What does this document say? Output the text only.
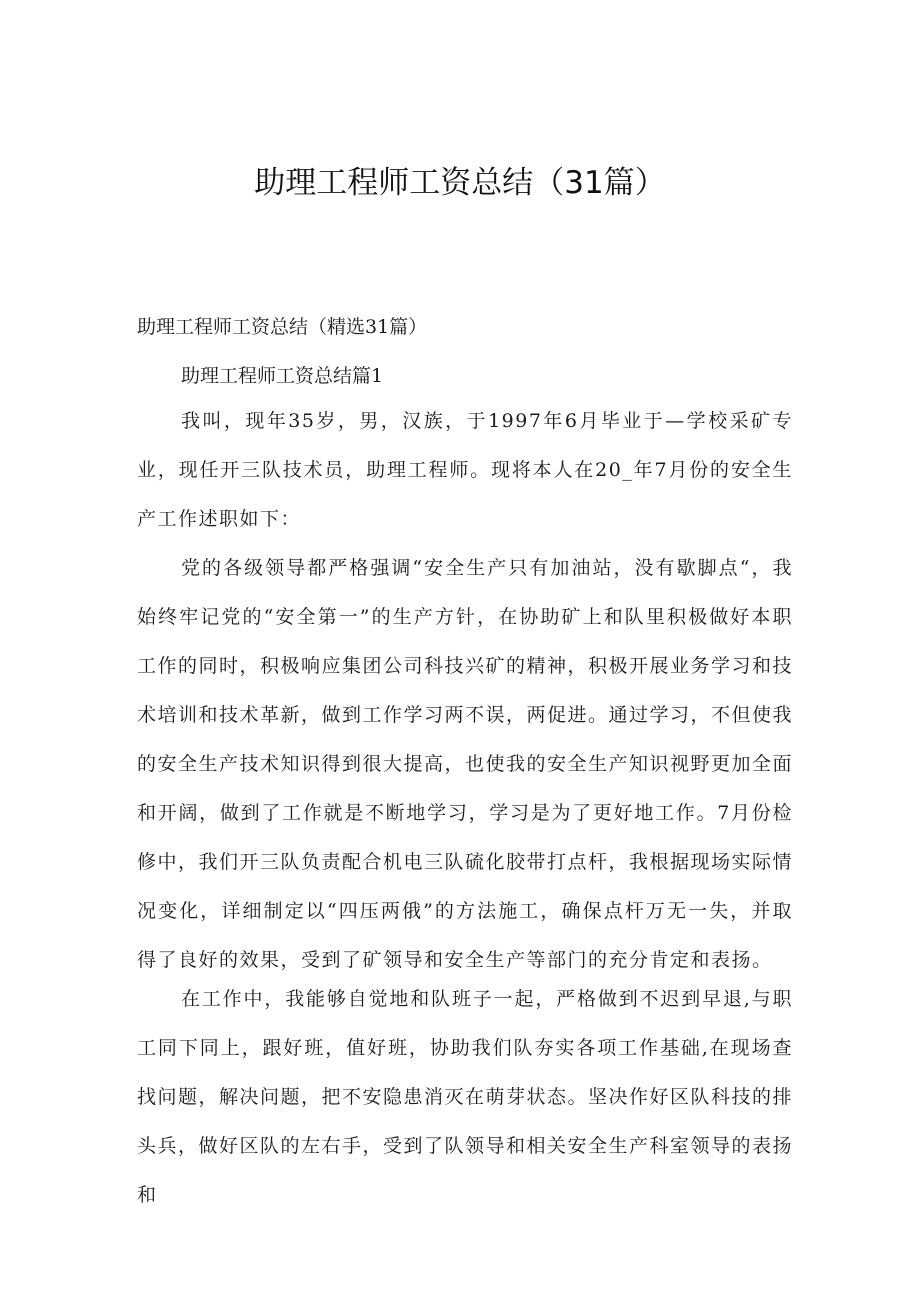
助理工程师工资总结（31篇）

助理工程师工资总结（精选31篇）

助理工程师工资总结篇1

我叫，现年35岁，男，汉族，于1997年6月毕业于—学校采矿专业，现任开三队技术员，助理工程师。现将本人在20_年7月份的安全生产工作述职如下：

党的各级领导都严格强调“安全生产只有加油站，没有歇脚点“，我始终牢记党的“安全第一”的生产方针，在协助矿上和队里积极做好本职工作的同时，积极响应集团公司科技兴矿的精神，积极开展业务学习和技术培训和技术革新，做到工作学习两不误，两促进。通过学习，不但使我的安全生产技术知识得到很大提高，也使我的安全生产知识视野更加全面和开阔，做到了工作就是不断地学习，学习是为了更好地工作。7月份检修中，我们开三队负责配合机电三队硫化胶带打点杆，我根据现场实际情况变化，详细制定以“四压两俄”的方法施工，确保点杆万无一失，并取得了良好的效果，受到了矿领导和安全生产等部门的充分肯定和表扬。

在工作中，我能够自觉地和队班子一起，严格做到不迟到早退,与职工同下同上，跟好班，值好班，协助我们队夯实各项工作基础,在现场查找问题，解决问题，把不安隐患消灭在萌芽状态。坚决作好区队科技的排头兵，做好区队的左右手，受到了队领导和相关安全生产科室领导的表扬和
